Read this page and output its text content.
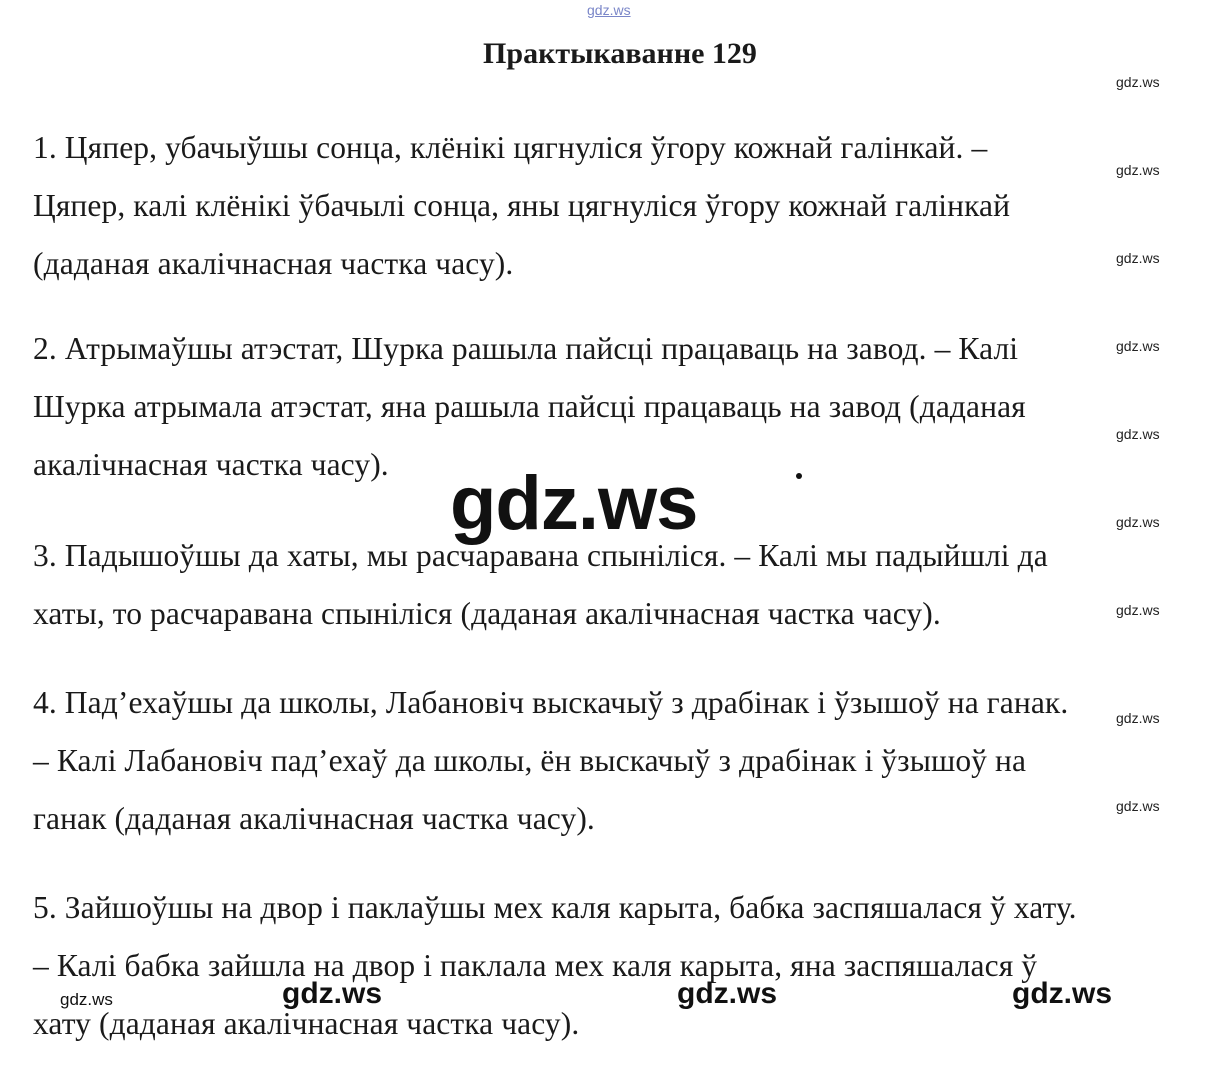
gdz.ws
Практыкаванне 129
gdz.ws
gdz.ws
gdz.ws
gdz.ws
gdz.ws
gdz.ws
gdz.ws
gdz.ws
gdz.ws
1. Цяпер, убачыўшы сонца, клёнікі цягнуліся ўгору кожнай галінкай. –
Цяпер, калі клёнікі ўбачылі сонца, яны цягнуліся ўгору кожнай галінкай
(даданая акалічнасная частка часу).
2. Атрымаўшы атэстат, Шурка рашыла пайсці працаваць на завод. – Калі
Шурка атрымала атэстат, яна рашыла пайсці працаваць на завод (даданая
акалічнасная частка часу).
3. Падышоўшы да хаты, мы расчаравана спыніліся. – Калі мы падыйшлі да
хаты, то расчаравана спыніліся (даданая акалічнасная частка часу).
4. Пад’ехаўшы да школы, Лабановіч выскачыў з драбінак і ўзышоў на ганак.
– Калі Лабановіч пад’ехаў да школы, ён выскачыў з драбінак і ўзышоў на
ганак (даданая акалічнасная частка часу).
5. Зайшоўшы на двор і паклаўшы мех каля карыта, бабка заспяшалася ў хату.
– Калі бабка зайшла на двор і паклала мех каля карыта, яна заспяшалася ў
хату (даданая акалічнасная частка часу).
gdz.ws
gdz.ws	gdz.ws	gdz.ws	gdz.ws
